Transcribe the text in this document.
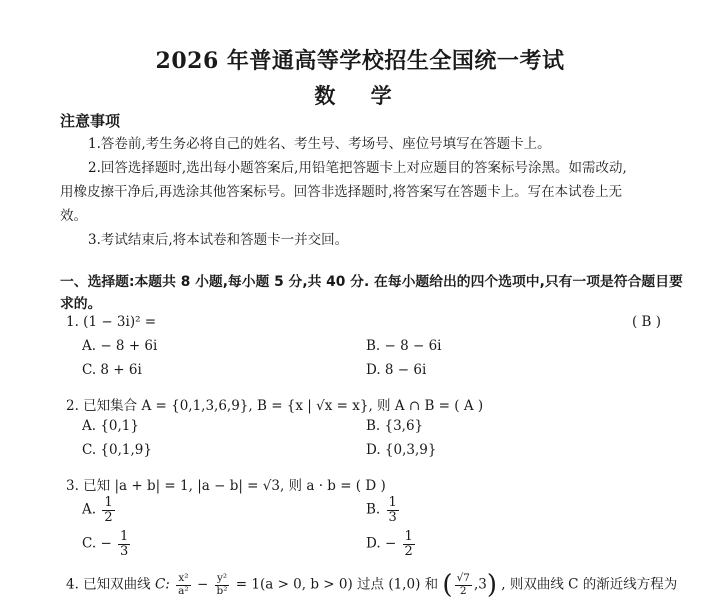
2026 年普通高等学校招生全国统一考试
数 学
注意事项
1.答卷前,考生务必将自己的姓名、考生号、考场号、座位号填写在答题卡上。
2.回答选择题时,选出每小题答案后,用铅笔把答题卡上对应题目的答案标号涂黑。如需改动,
用橡皮擦干净后,再选涂其他答案标号。回答非选择题时,将答案写在答题卡上。写在本试卷上无
效。
3.考试结束后,将本试卷和答题卡一并交回。
一、选择题:本题共 8 小题,每小题 5 分,共 40 分. 在每小题给出的四个选项中,只有一项是符合题目要
求的。
1. (1 − 3i)² =	( B )
A. − 8 + 6i	B. − 8 − 6i
C. 8 + 6i	D. 8 − 6i
2. 已知集合 A = {0,1,3,6,9}, B = {x | √x = x}, 则 A ∩ B = ( A )
A. {0,1}	B. {3,6}
C. {0,1,9}	D. {0,3,9}
3. 已知 |a + b| = 1, |a − b| = √3, 则 a · b = ( D )
A. $\frac{1}{2}$	B. $\frac{1}{3}$
C. − $\frac{1}{3}$	D. − $\frac{1}{2}$
4. 已知双曲线 C: $\frac{\text{x²}}{\text{a²}} - \frac{\text{y²}}{\text{b²}} = 1(a > 0$, b > 0) 过点 (1,0) 和 ( $\frac{√7}{2} ,3$) , 则双曲线 C 的渐近线方程为
